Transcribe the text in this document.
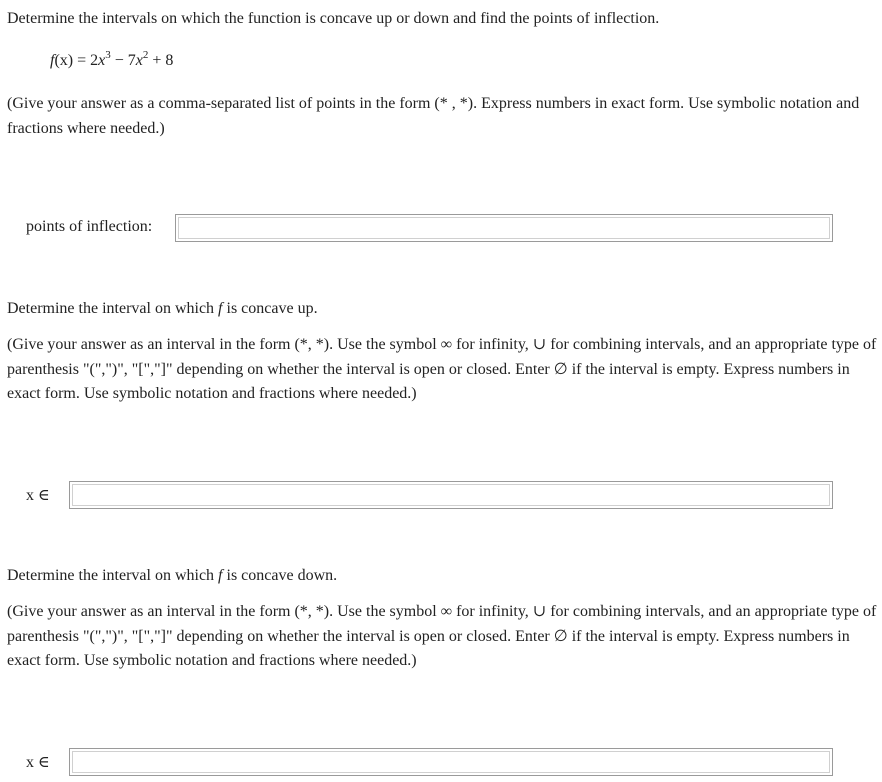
Determine the intervals on which the function is concave up or down and find the points of inflection.
$f(x) = 2x^3 - 7x^2 + 8$
(Give your answer as a comma-separated list of points in the form (* , *). Express numbers in exact form. Use symbolic notation and fractions where needed.)
points of inflection:
Determine the interval on which f is concave up.
(Give your answer as an interval in the form (*, *). Use the symbol ∞ for infinity, ∪ for combining intervals, and an appropriate type of parenthesis "(",")", "[","]" depending on whether the interval is open or closed. Enter ∅ if the interval is empty. Express numbers in exact form. Use symbolic notation and fractions where needed.)
x ∈
Determine the interval on which f is concave down.
(Give your answer as an interval in the form (*, *). Use the symbol ∞ for infinity, ∪ for combining intervals, and an appropriate type of parenthesis "(",")", "[","]" depending on whether the interval is open or closed. Enter ∅ if the interval is empty. Express numbers in exact form. Use symbolic notation and fractions where needed.)
x ∈
